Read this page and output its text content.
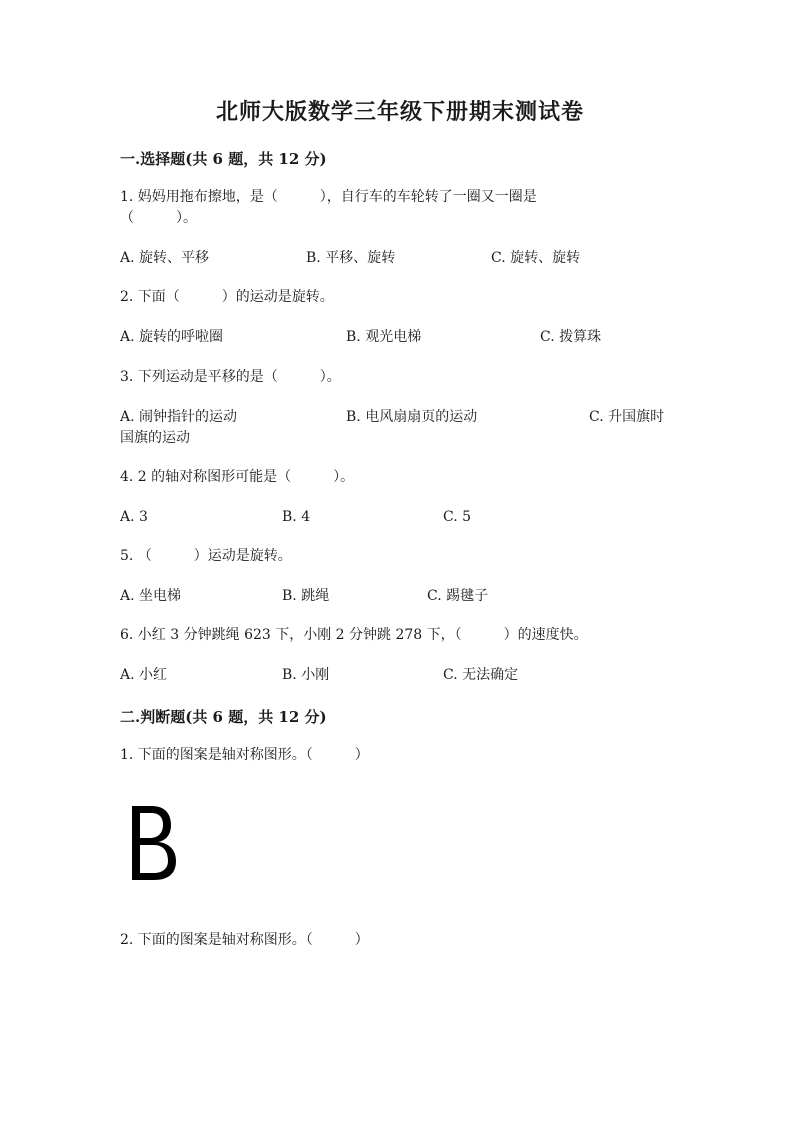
北师大版数学三年级下册期末测试卷
一.选择题(共 6 题，共 12 分)
1. 妈妈用拖布擦地，是（　　　），自行车的车轮转了一圈又一圈是
（　　　）。
A. 旋转、平移	B. 平移、旋转	C. 旋转、旋转
2. 下面（　　　）的运动是旋转。
A. 旋转的呼啦圈	B. 观光电梯	C. 拨算珠
3. 下列运动是平移的是（　　　）。
A. 闹钟指针的运动	B. 电风扇扇页的运动	C. 升国旗时
国旗的运动
4. 2 的轴对称图形可能是（　　　）。
A. 3	B. 4	C. 5
5. （　　　）运动是旋转。
A. 坐电梯	B. 跳绳	C. 踢毽子
6. 小红 3 分钟跳绳 623 下，小刚 2 分钟跳 278 下，（　　　）的速度快。
A. 小红	B. 小刚	C. 无法确定
二.判断题(共 6 题，共 12 分)
1. 下面的图案是轴对称图形。（　　　）
2. 下面的图案是轴对称图形。（　　　）
